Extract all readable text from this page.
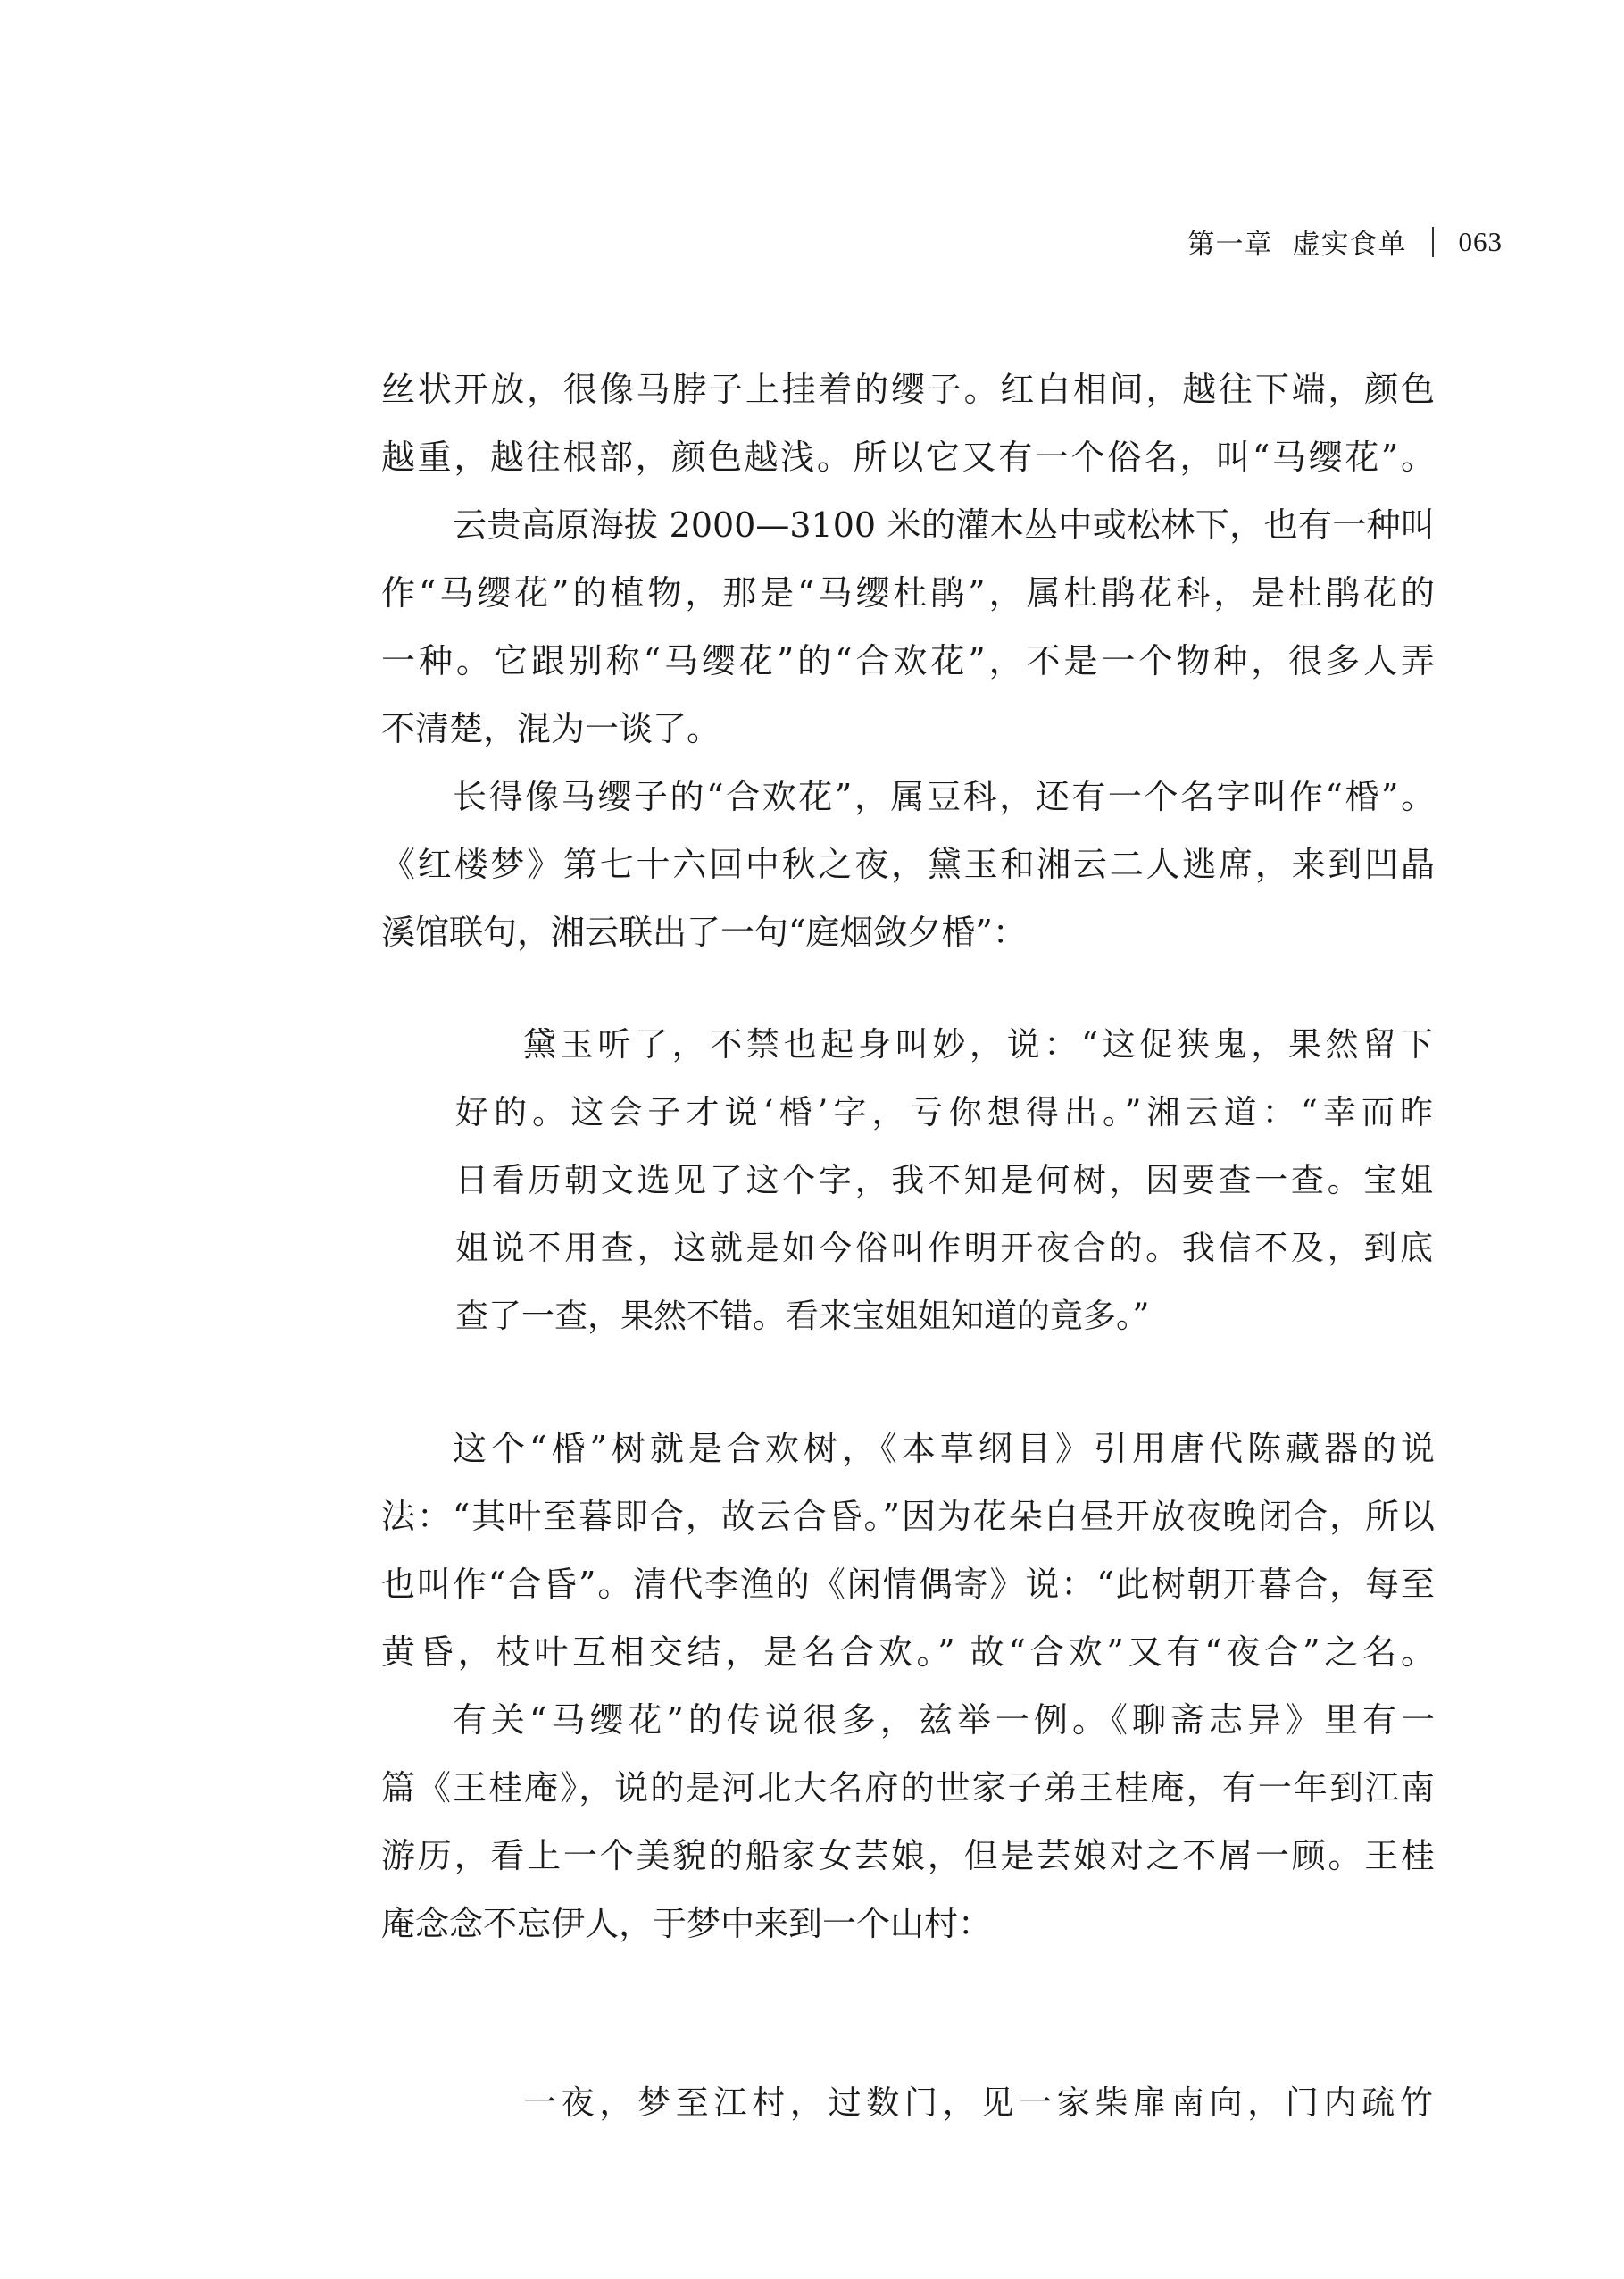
第一章 虚实食单 063
丝状开放，很像马脖子上挂着的缨子。红白相间，越往下端，颜色
越重，越往根部，颜色越浅。所以它又有一个俗名，叫“马缨花”。
云贵高原海拔 2000—3100 米的灌木丛中或松林下，也有一种叫
作“马缨花”的植物，那是“马缨杜鹃”，属杜鹃花科，是杜鹃花的
一种。它跟别称“马缨花”的“合欢花”，不是一个物种，很多人弄
不清楚，混为一谈了。
长得像马缨子的“合欢花”，属豆科，还有一个名字叫作“棔”。
《红楼梦》第七十六回中秋之夜，黛玉和湘云二人逃席，来到凹晶
溪馆联句，湘云联出了一句“庭烟敛夕棔”：
黛玉听了，不禁也起身叫妙，说：“这促狭鬼，果然留下
好的。这会子才说‘棔’字，亏你想得出。”湘云道：“幸而昨
日看历朝文选见了这个字，我不知是何树，因要查一查。宝姐
姐说不用查，这就是如今俗叫作明开夜合的。我信不及，到底
查了一查，果然不错。看来宝姐姐知道的竟多。”
这个“棔”树就是合欢树，《本草纲目》引用唐代陈藏器的说
法：“其叶至暮即合，故云合昏。”因为花朵白昼开放夜晚闭合，所以
也叫作“合昏”。清代李渔的《闲情偶寄》说：“此树朝开暮合，每至
黄昏，枝叶互相交结，是名合欢。” 故“合欢”又有“夜合”之名。
有关“马缨花”的传说很多，兹举一例。《聊斋志异》里有一
篇《王桂庵》，说的是河北大名府的世家子弟王桂庵，有一年到江南
游历，看上一个美貌的船家女芸娘，但是芸娘对之不屑一顾。王桂
庵念念不忘伊人，于梦中来到一个山村：
一夜，梦至江村，过数门，见一家柴扉南向，门内疏竹
